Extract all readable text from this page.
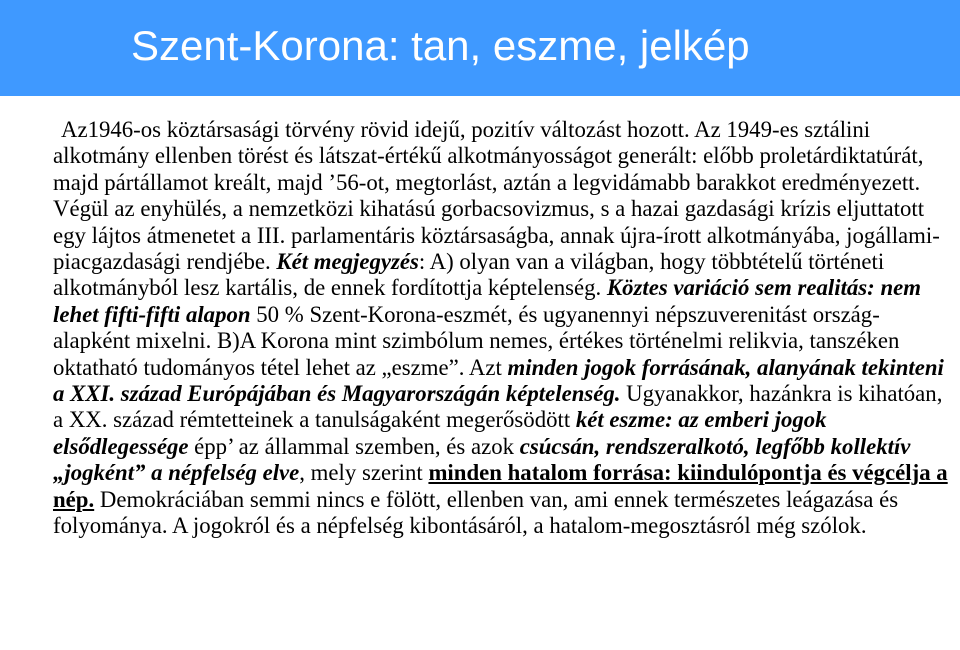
Szent-Korona: tan, eszme, jelkép
Az1946-os köztársasági törvény rövid idejű, pozitív változást hozott. Az 1949-es sztálini alkotmány ellenben törést és látszat-értékű alkotmányosságot generált: előbb proletárdiktatúrát, majd pártállamot kreált, majd ’56-ot, megtorlást, aztán a legvidámabb barakkot eredményezett. Végül az enyhülés, a nemzetközi kihatású gorbacsovizmus, s a hazai gazdasági krízis eljuttatott egy lájtos átmenetet a III. parlamentáris köztársaságba, annak újra-írott alkotmányába, jogállami-piacgazdasági rendjébe. Két megjegyzés: A) olyan van a világban, hogy többtételű történeti alkotmányból lesz kartális, de ennek fordítottja képtelenség. Köztes variáció sem realitás: nem lehet fifti-fifti alapon 50 % Szent-Korona-eszmét, és ugyanennyi népszuverenitást ország-alapként mixelni. B)A Korona mint szimbólum nemes, értékes történelmi relikvia, tanszéken oktatható tudományos tétel lehet az „eszme”. Azt minden jogok forrásának, alanyának tekinteni a XXI. század Európájában és Magyarországán képtelenség. Ugyanakkor, hazánkra is kihatóan, a XX. század rémtetteinek a tanulságaként megerősödött két eszme: az emberi jogok elsődlegessége épp’ az állammal szemben, és azok csúcsán, rendszeralkotó, legfőbb kollektív „jogként” a népfelség elve, mely szerint minden hatalom forrása: kiindulópontja és végcélja a nép. Demokráciában semmi nincs e fölött, ellenben van, ami ennek természetes leágazása és folyománya. A jogokról és a népfelség kibontásáról, a hatalom-megosztásról még szólok.
